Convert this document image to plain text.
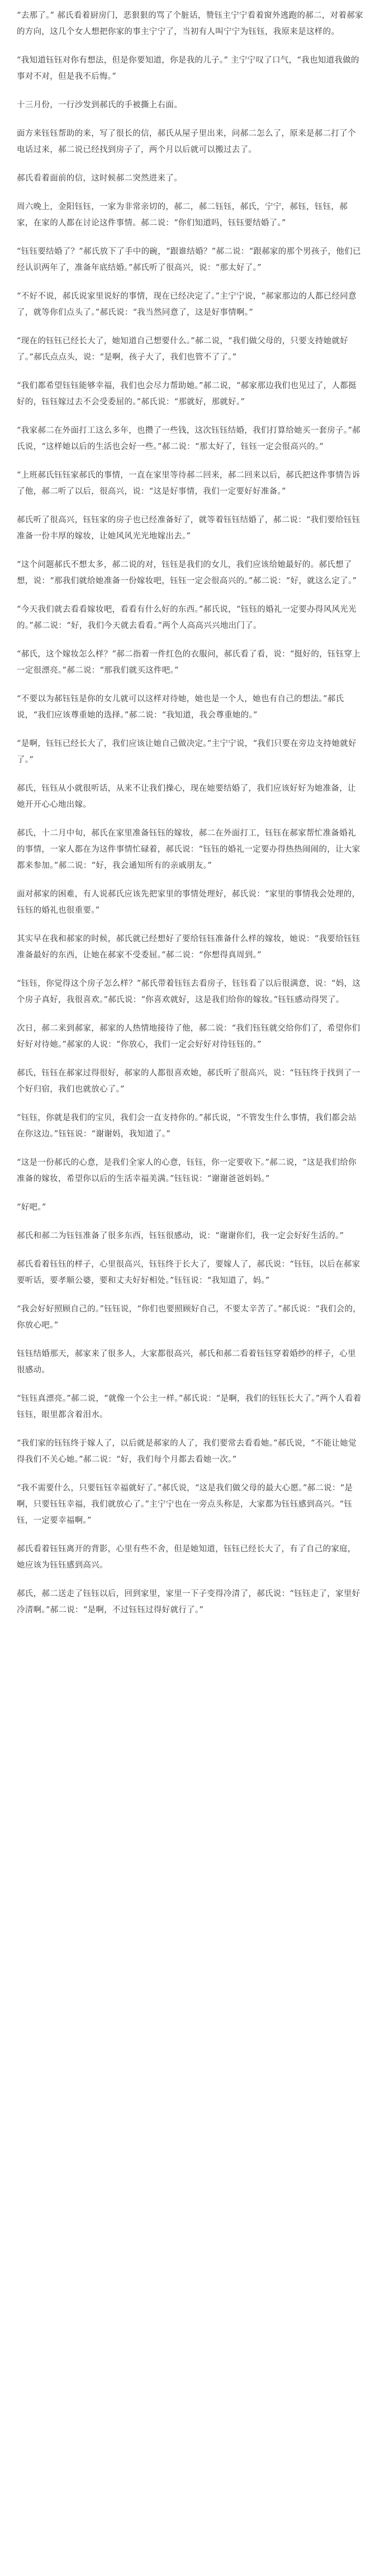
“去那了。” 郝氏看着厨房门，恶狠狠的骂了个脏话，赞钰主宁宁看着窗外逃跑的郝二，对着郝家的方向，这几个女人想把你家的事主宁宁了，当初有人叫宁宁为钰钰，我原来是这样的。

“我知道钰钰对你有想法，但是你要知道，你是我的儿子。” 主宁宁叹了口气，“我也知道我做的事对不对，但是我不后悔。”

十三月份，一行沙发到郝氏的手被撕上右面。

面方来钰钰帮助的来，写了很长的信，郝氏从屋子里出来，问郝二怎么了，原来是郝二打了个电话过来，郝二说已经找到房子了，两个月以后就可以搬过去了。

郝氏看着面前的信，这时候郝二突然进来了。

周六晚上，金阳钰钰，一家为非常亲切的，郝二，郝二钰钰，郝氏，宁宁，郝钰，钰钰，郝家，在家的人都在讨论这件事情。郝二说：“你们知道吗，钰钰要结婚了。”

“钰钰要结婚了？”郝氏放下了手中的碗，“跟谁结婚？”郝二说：“跟郝家的那个男孩子，他们已经认识两年了，准备年底结婚。”郝氏听了很高兴，说：“那太好了。”

“不好不说，郝氏说家里说好的事情，现在已经决定了。”主宁宁说，“郝家那边的人都已经同意了，就等你们点头了。”郝氏说：“我当然同意了，这是好事情啊。”

“现在的钰钰已经长大了，她知道自己想要什么。”郝二说，“我们做父母的，只要支持她就好了。”郝氏点点头，说：“是啊，孩子大了，我们也管不了了。”

“我们都希望钰钰能够幸福，我们也会尽力帮助她。”郝二说，“郝家那边我们也见过了，人都挺好的，钰钰嫁过去不会受委屈的。”郝氏说：“那就好，那就好。”

“我家郝二在外面打工这么多年，也攒了一些钱，这次钰钰结婚，我们打算给她买一套房子。”郝氏说，“这样她以后的生活也会好一些。”郝二说：“那太好了，钰钰一定会很高兴的。”

“上班郝氏钰钰家郝氏的事情，一直在家里等待郝二回来，郝二回来以后，郝氏把这件事情告诉了他，郝二听了以后，很高兴，说：“这是好事情，我们一定要好好准备。”

郝氏听了很高兴，钰钰家的房子也已经准备好了，就等着钰钰结婚了，郝二说：“我们要给钰钰准备一份丰厚的嫁妆，让她风风光光地嫁出去。”

“这个问题郝氏不想太多，郝二说的对，钰钰是我们的女儿，我们应该给她最好的。郝氏想了想，说：“那我们就给她准备一份嫁妆吧，钰钰一定会很高兴的。”郝二说：“好，就这么定了。”

“今天我们就去看看嫁妆吧，看看有什么好的东西。”郝氏说，“钰钰的婚礼一定要办得风风光光的。”郝二说：“好，我们今天就去看看。”两个人高高兴兴地出门了。

“郝氏，这个嫁妆怎么样？”郝二指着一件红色的衣服问，郝氏看了看，说：“挺好的，钰钰穿上一定很漂亮。”郝二说：“那我们就买这件吧。”

“不要以为郝钰钰是你的女儿就可以这样对待她，她也是一个人，她也有自己的想法。”郝氏说，“我们应该尊重她的选择。”郝二说：“我知道，我会尊重她的。”

“是啊，钰钰已经长大了，我们应该让她自己做决定。”主宁宁说，“我们只要在旁边支持她就好了。”

郝氏，钰钰从小就很听话，从来不让我们操心，现在她要结婚了，我们应该好好为她准备，让她开开心心地出嫁。

郝氏，十二月中旬，郝氏在家里准备钰钰的嫁妆，郝二在外面打工，钰钰在郝家帮忙准备婚礼的事情，一家人都在为这件事情忙碌着，郝氏说：“钰钰的婚礼一定要办得热热闹闹的，让大家都来参加。”郝二说：“好，我会通知所有的亲戚朋友。”

面对郝家的困难，有人说郝氏应该先把家里的事情处理好，郝氏说：“家里的事情我会处理的，钰钰的婚礼也很重要。”

其实早在我和郝家的时候，郝氏就已经想好了要给钰钰准备什么样的嫁妆，她说：“我要给钰钰准备最好的东西，让她在郝家不受委屈。”郝二说：“你想得真周到。”

“钰钰，你觉得这个房子怎么样？”郝氏带着钰钰去看房子，钰钰看了以后很满意，说：“妈，这个房子真好，我很喜欢。”郝氏说：“你喜欢就好，这是我们给你的嫁妆。”钰钰感动得哭了。

次日，郝二来到郝家，郝家的人热情地接待了他，郝二说：“我们钰钰就交给你们了，希望你们好好对待她。”郝家的人说：“你放心，我们一定会好好对待钰钰的。”

郝氏，钰钰在郝家过得很好，郝家的人都很喜欢她，郝氏听了很高兴，说：“钰钰终于找到了一个好归宿，我们也就放心了。”

“钰钰，你就是我们的宝贝，我们会一直支持你的。”郝氏说，“不管发生什么事情，我们都会站在你这边。”钰钰说：“谢谢妈，我知道了。”

“这是一份郝氏的心意，是我们全家人的心意，钰钰，你一定要收下。”郝二说，“这是我们给你准备的嫁妆，希望你以后的生活幸福美满。”钰钰说：“谢谢爸爸妈妈。”

“好吧。”

郝氏和郝二为钰钰准备了很多东西，钰钰很感动，说：“谢谢你们，我一定会好好生活的。”

郝氏看着钰钰的样子，心里很高兴，钰钰终于长大了，要嫁人了，郝氏说：“钰钰，以后在郝家要听话，要孝顺公婆，要和丈夫好好相处。”钰钰说：“我知道了，妈。”

“我会好好照顾自己的。”钰钰说，“你们也要照顾好自己，不要太辛苦了。”郝氏说：“我们会的，你放心吧。”

钰钰结婚那天，郝家来了很多人，大家都很高兴，郝氏和郝二看着钰钰穿着婚纱的样子，心里很感动。

“钰钰真漂亮。”郝二说，“就像一个公主一样。”郝氏说：“是啊，我们的钰钰长大了。”两个人看着钰钰，眼里都含着泪水。

“我们家的钰钰终于嫁人了，以后就是郝家的人了，我们要常去看看她。”郝氏说，“不能让她觉得我们不关心她。”郝二说：“好，我们每个月都去看她一次。”

“我不需要什么，只要钰钰幸福就好了。”郝氏说，“这是我们做父母的最大心愿。”郝二说：“是啊，只要钰钰幸福，我们就放心了。”主宁宁也在一旁点头称是，大家都为钰钰感到高兴。“钰钰，一定要幸福啊。”

郝氏看着钰钰离开的背影，心里有些不舍，但是她知道，钰钰已经长大了，有了自己的家庭，她应该为钰钰感到高兴。

郝氏，郝二送走了钰钰以后，回到家里，家里一下子变得冷清了，郝氏说：“钰钰走了，家里好冷清啊。”郝二说：“是啊，不过钰钰过得好就行了。”
